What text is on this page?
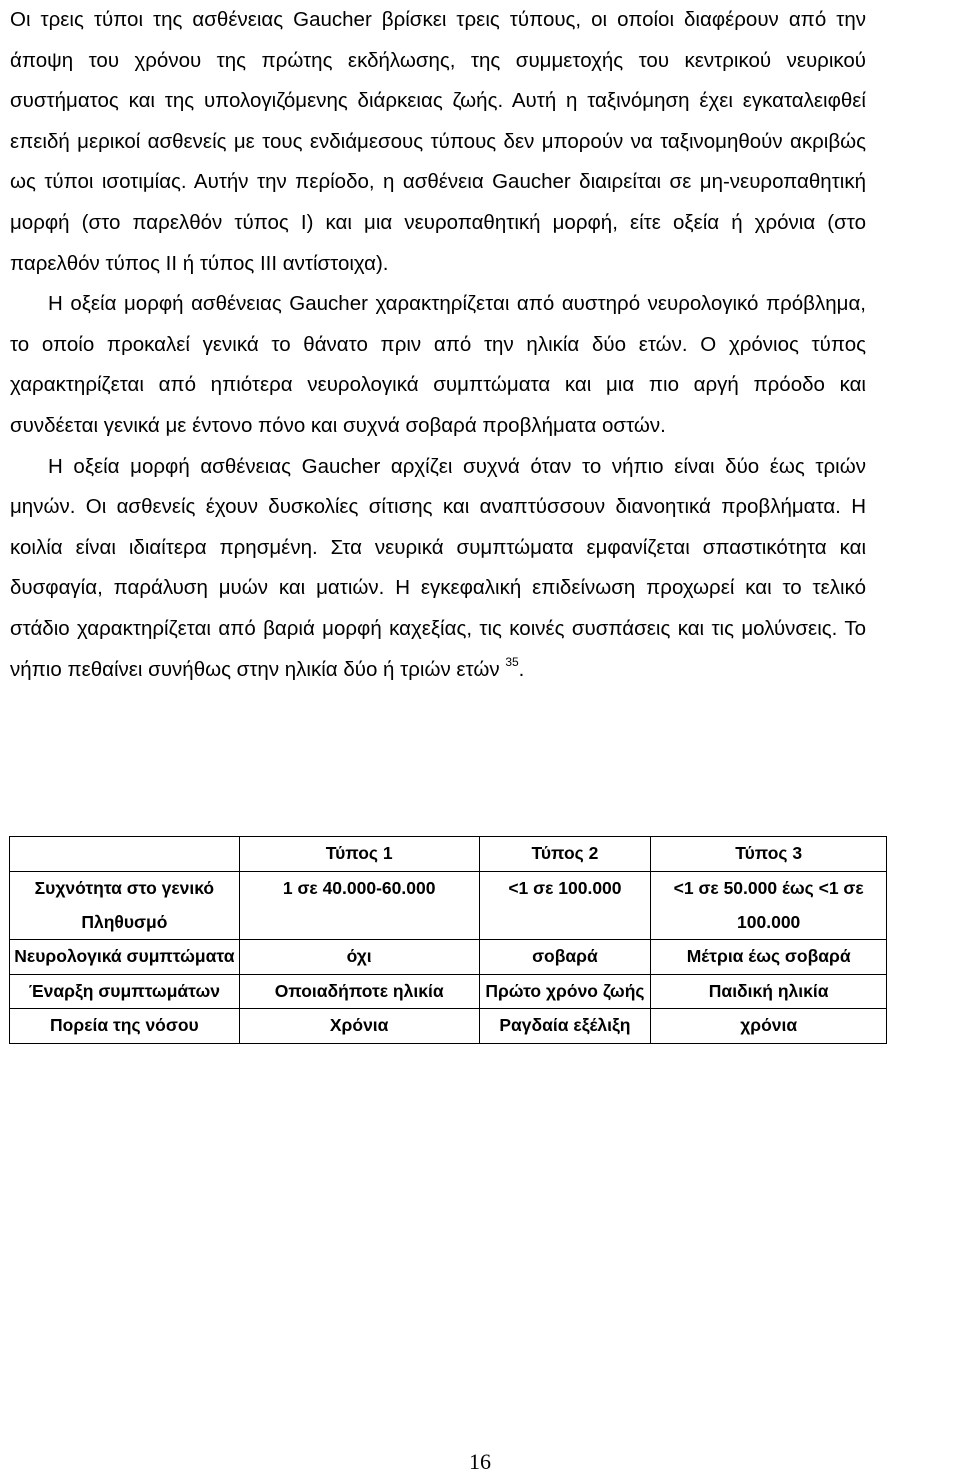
Οι τρεις τύποι της ασθένειας Gaucher βρίσκει τρεις τύπους, οι οποίοι διαφέρουν από την άποψη του χρόνου της πρώτης εκδήλωσης, της συμμετοχής του κεντρικού νευρικού συστήματος και της υπολογιζόμενης διάρκειας ζωής. Αυτή η ταξινόμηση έχει εγκαταλειφθεί επειδή μερικοί ασθενείς με τους ενδιάμεσους τύπους δεν μπορούν να ταξινομηθούν ακριβώς ως τύποι ισοτιμίας. Αυτήν την περίοδο, η ασθένεια Gaucher διαιρείται σε μη-νευροπαθητική μορφή (στο παρελθόν τύπος I) και μια νευροπαθητική μορφή, είτε οξεία ή χρόνια (στο παρελθόν τύπος II ή τύπος III αντίστοιχα).

Η οξεία μορφή ασθένειας Gaucher χαρακτηρίζεται από αυστηρό νευρολογικό πρόβλημα, το οποίο προκαλεί γενικά το θάνατο πριν από την ηλικία δύο ετών. Ο χρόνιος τύπος χαρακτηρίζεται από ηπιότερα νευρολογικά συμπτώματα και μια πιο αργή πρόοδο και συνδέεται γενικά με έντονο πόνο και συχνά σοβαρά προβλήματα οστών.

Η οξεία μορφή ασθένειας Gaucher αρχίζει συχνά όταν το νήπιο είναι δύο έως τριών μηνών. Οι ασθενείς έχουν δυσκολίες σίτισης και αναπτύσσουν διανοητικά προβλήματα. Η κοιλία είναι ιδιαίτερα πρησμένη. Στα νευρικά συμπτώματα εμφανίζεται σπαστικότητα και δυσφαγία, παράλυση μυών και ματιών. Η εγκεφαλική επιδείνωση προχωρεί και το τελικό στάδιο χαρακτηρίζεται από βαριά μορφή καχεξίας, τις κοινές συσπάσεις και τις μολύνσεις. Το νήπιο πεθαίνει συνήθως στην ηλικία δύο ή τριών ετών $^{35}$.

	Τύπος 1	Τύπος 2	Τύπος 3
Συχνότητα στο γενικό Πληθυσμό	1 σε 40.000-60.000	<1 σε 100.000	<1 σε 50.000 έως <1 σε 100.000
Νευρολογικά συμπτώματα	όχι	σοβαρά	Μέτρια έως σοβαρά
Έναρξη συμπτωμάτων	Οποιαδήποτε ηλικία	Πρώτο χρόνο ζωής	Παιδική ηλικία
Πορεία της νόσου	Χρόνια	Ραγδαία εξέλιξη	χρόνια
16
